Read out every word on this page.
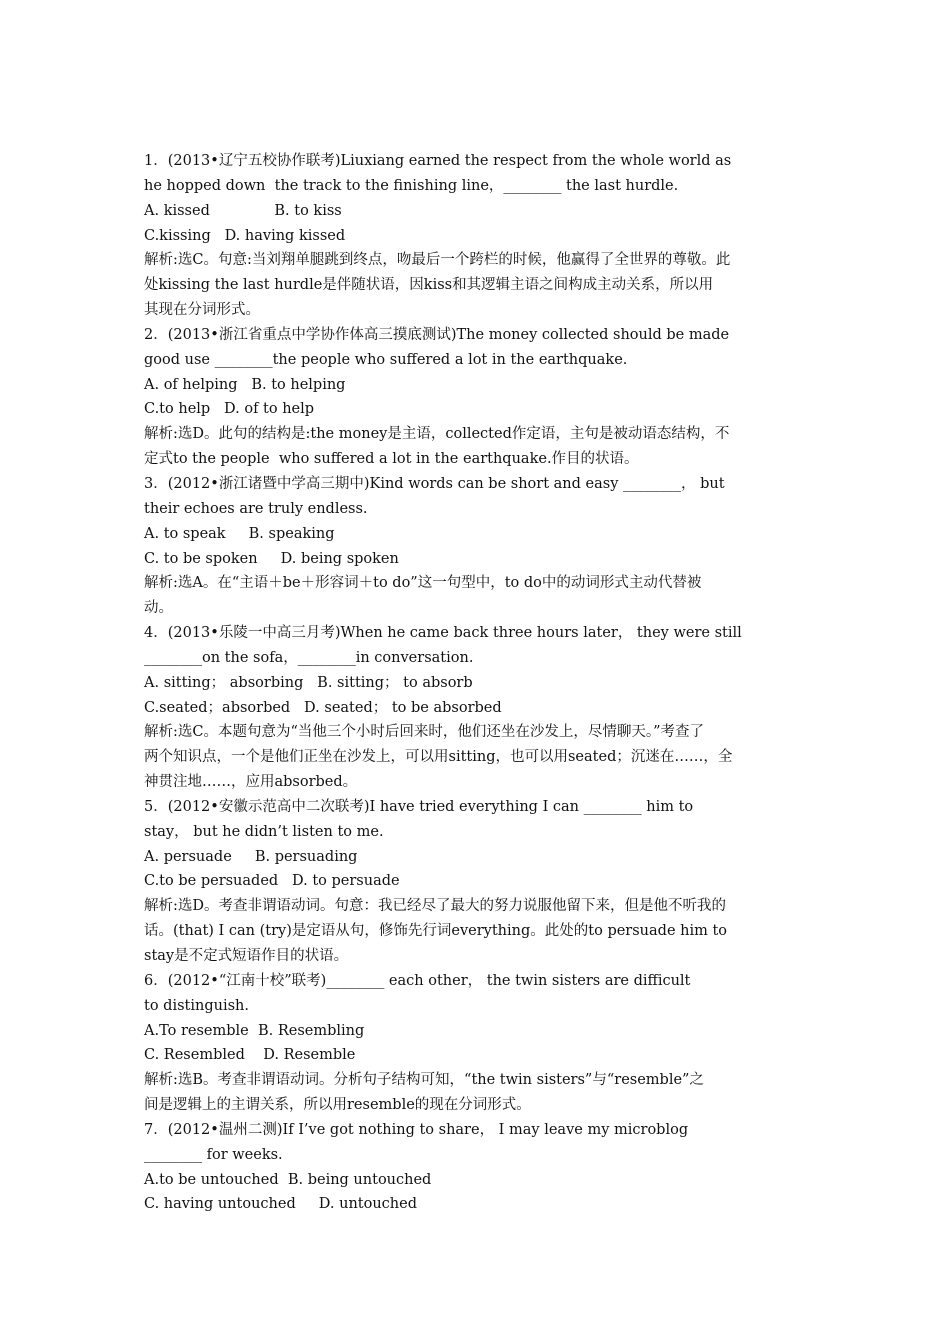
1．(2013•辽宁五校协作联考)Liuxiang earned the respect from the whole world as
he hopped down  the track to the finishing line，________ the last hurdle.
A. kissed              B. to kiss
C.kissing   D. having kissed
解析:选C。句意:当刘翔单腿跳到终点，吻最后一个跨栏的时候，他赢得了全世界的尊敬。此
处kissing the last hurdle是伴随状语，因kiss和其逻辑主语之间构成主动关系，所以用
其现在分词形式。
2．(2013•浙江省重点中学协作体高三摸底测试)The money collected should be made
good use ________the people who suffered a lot in the earthquake.
A. of helping   B. to helping
C.to help   D. of to help
解析:选D。此句的结构是:the money是主语，collected作定语，主句是被动语态结构，不
定式to the people  who suffered a lot in the earthquake.作目的状语。
3．(2012•浙江诸暨中学高三期中)Kind words can be short and easy ________， but
their echoes are truly endless.
A. to speak     B. speaking
C. to be spoken     D. being spoken
解析:选A。在“主语＋be＋形容词＋to do”这一句型中，to do中的动词形式主动代替被
动。
4．(2013•乐陵一中高三月考)When he came back three hours later， they were still
________on the sofa，________in conversation.
A. sitting； absorbing   B. sitting； to absorb
C.seated；absorbed   D. seated； to be absorbed
解析:选C。本题句意为“当他三个小时后回来时，他们还坐在沙发上，尽情聊天。”考查了
两个知识点，一个是他们正坐在沙发上，可以用sitting，也可以用seated；沉迷在……，全
神贯注地……，应用absorbed。
5．(2012•安徽示范高中二次联考)I have tried everything I can ________ him to
stay， but he didn’t listen to me.
A. persuade     B. persuading
C.to be persuaded   D. to persuade
解析:选D。考查非谓语动词。句意：我已经尽了最大的努力说服他留下来，但是他不听我的
话。(that) I can (try)是定语从句，修饰先行词everything。此处的to persuade him to
stay是不定式短语作目的状语。
6．(2012•“江南十校”联考)________ each other， the twin sisters are difficult
to distinguish.
A.To resemble  B. Resembling
C. Resembled    D. Resemble
解析:选B。考查非谓语动词。分析句子结构可知，“the twin sisters”与“resemble”之
间是逻辑上的主谓关系，所以用resemble的现在分词形式。
7．(2012•温州二测)If I’ve got nothing to share， I may leave my microblog
________ for weeks.
A.to be untouched  B. being untouched
C. having untouched     D. untouched
